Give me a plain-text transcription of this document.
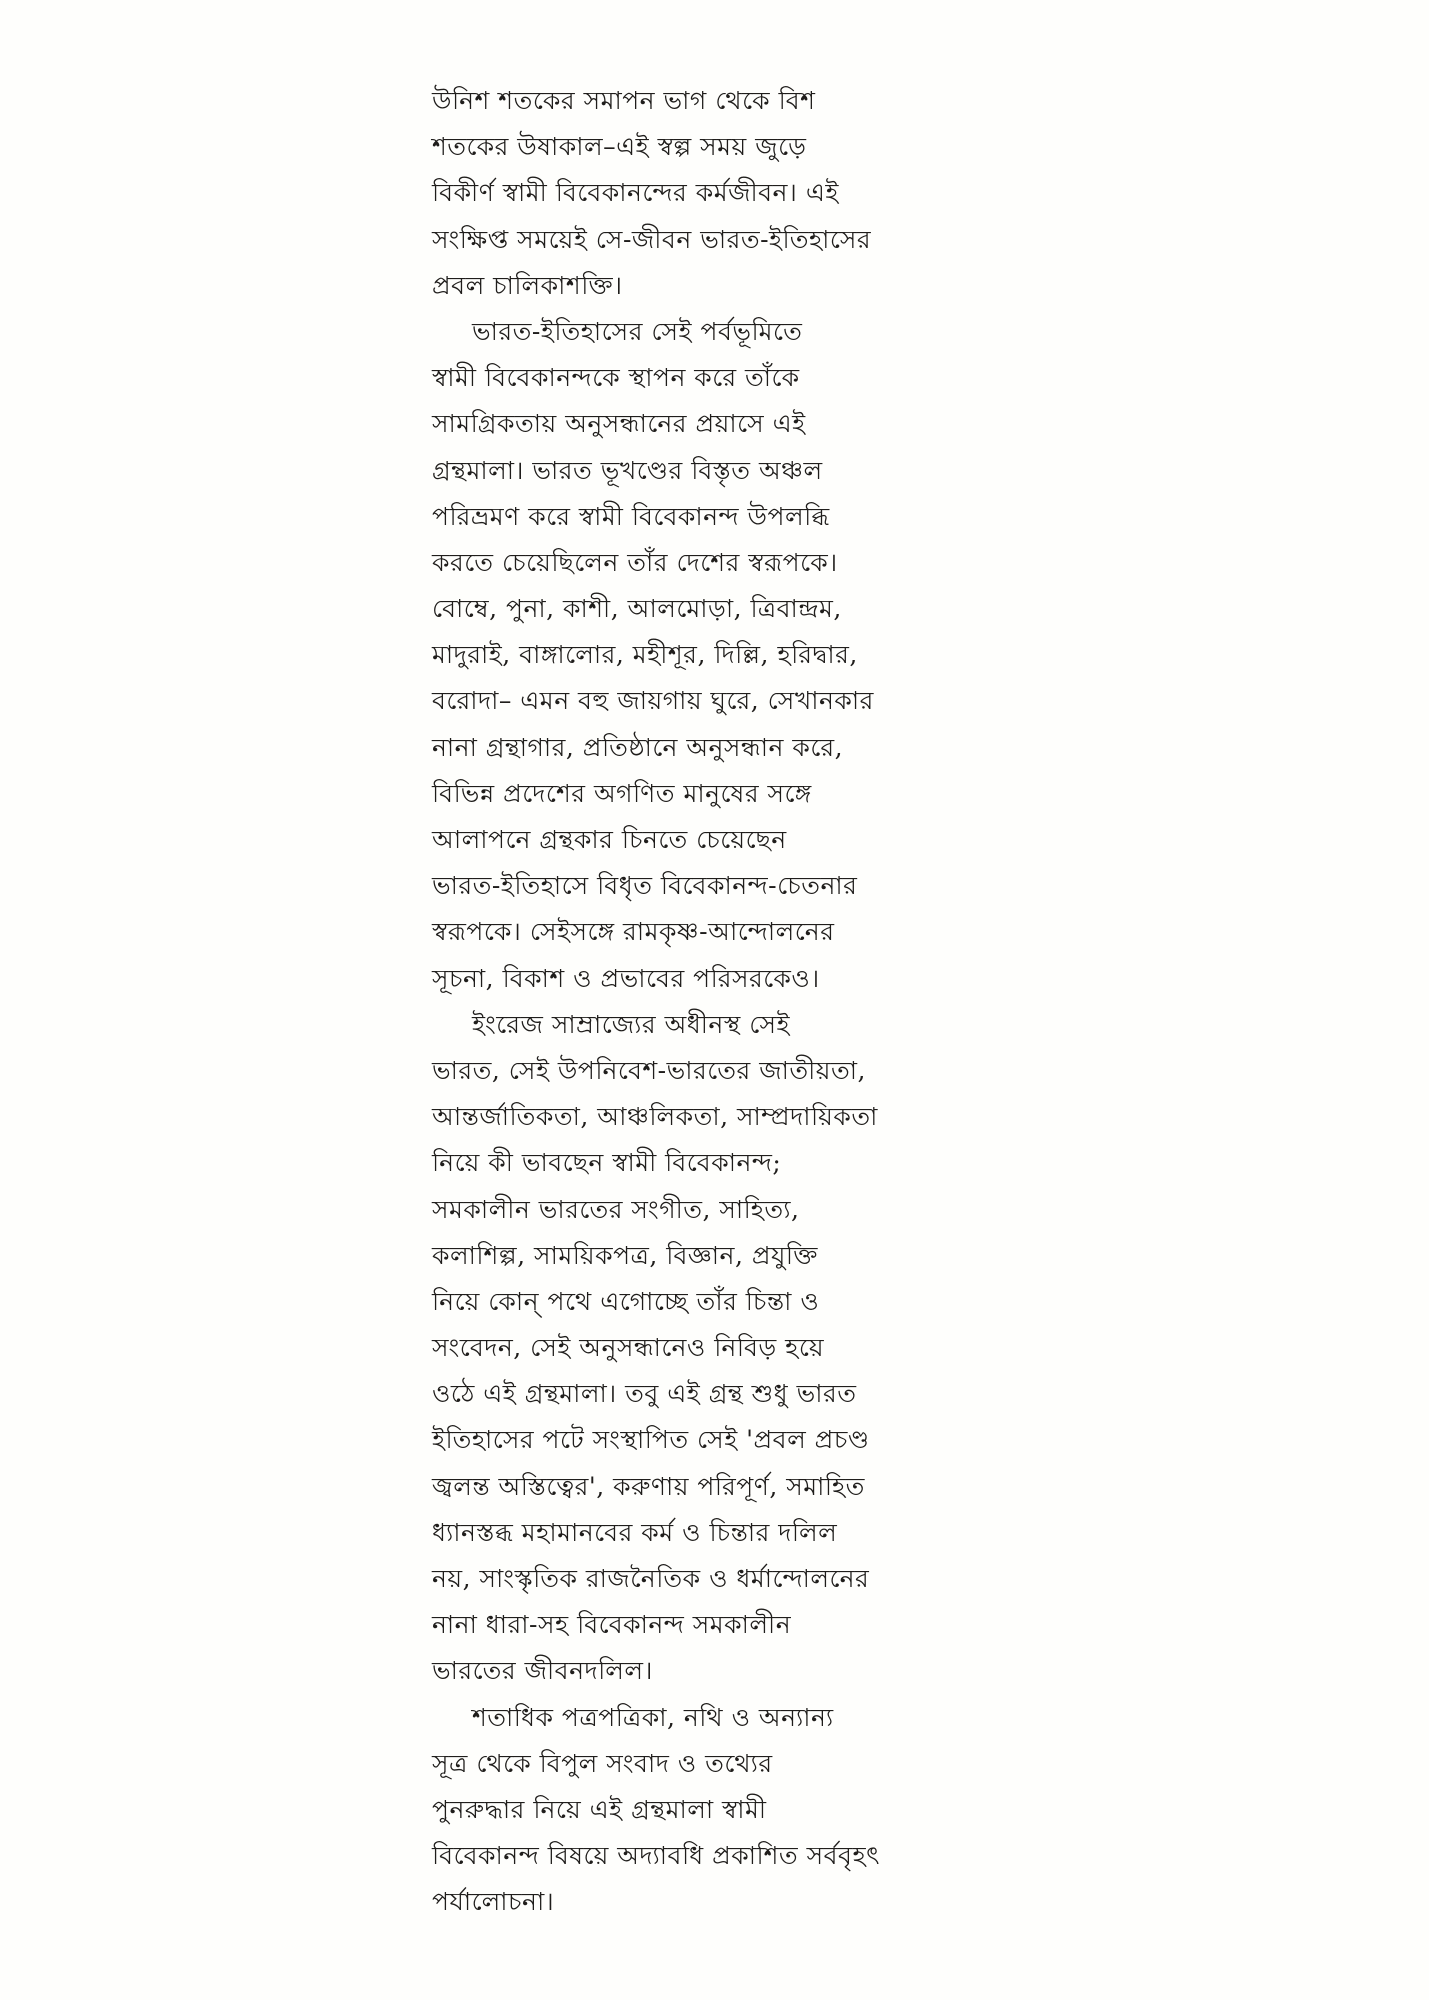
উনিশ শতকের সমাপন ভাগ থেকে বিশ
শতকের উষাকাল–এই স্বল্প সময় জুড়ে
বিকীর্ণ স্বামী বিবেকানন্দের কর্মজীবন। এই
সংক্ষিপ্ত সময়েই সে-জীবন ভারত-ইতিহাসের
প্রবল চালিকাশক্তি।
ভারত-ইতিহাসের সেই পর্বভূমিতে
স্বামী বিবেকানন্দকে স্থাপন করে তাঁকে
সামগ্রিকতায় অনুসন্ধানের প্রয়াসে এই
গ্রন্থমালা। ভারত ভূখণ্ডের বিস্তৃত অঞ্চল
পরিভ্রমণ করে স্বামী বিবেকানন্দ উপলব্ধি
করতে চেয়েছিলেন তাঁর দেশের স্বরূপকে।
বোম্বে, পুনা, কাশী, আলমোড়া, ত্রিবান্দ্রম,
মাদুরাই, বাঙ্গালোর, মহীশূর, দিল্লি, হরিদ্বার,
বরোদা– এমন বহু জায়গায় ঘুরে, সেখানকার
নানা গ্রন্থাগার, প্রতিষ্ঠানে অনুসন্ধান করে,
বিভিন্ন প্রদেশের অগণিত মানুষের সঙ্গে
আলাপনে গ্রন্থকার চিনতে চেয়েছেন
ভারত-ইতিহাসে বিধৃত বিবেকানন্দ-চেতনার
স্বরূপকে। সেইসঙ্গে রামকৃষ্ণ-আন্দোলনের
সূচনা, বিকাশ ও প্রভাবের পরিসরকেও।
ইংরেজ সাম্রাজ্যের অধীনস্থ সেই
ভারত, সেই উপনিবেশ-ভারতের জাতীয়তা,
আন্তর্জাতিকতা, আঞ্চলিকতা, সাম্প্রদায়িকতা
নিয়ে কী ভাবছেন স্বামী বিবেকানন্দ;
সমকালীন ভারতের সংগীত, সাহিত্য,
কলাশিল্প, সাময়িকপত্র, বিজ্ঞান, প্রযুক্তি
নিয়ে কোন্ পথে এগোচ্ছে তাঁর চিন্তা ও
সংবেদন, সেই অনুসন্ধানেও নিবিড় হয়ে
ওঠে এই গ্রন্থমালা। তবু এই গ্রন্থ শুধু ভারত
ইতিহাসের পটে সংস্থাপিত সেই 'প্রবল প্রচণ্ড
জ্বলন্ত অস্তিত্বের', করুণায় পরিপূর্ণ, সমাহিত
ধ্যানস্তব্ধ মহামানবের কর্ম ও চিন্তার দলিল
নয়, সাংস্কৃতিক রাজনৈতিক ও ধর্মান্দোলনের
নানা ধারা-সহ বিবেকানন্দ সমকালীন
ভারতের জীবনদলিল।
শতাধিক পত্রপত্রিকা, নথি ও অন্যান্য
সূত্র থেকে বিপুল সংবাদ ও তথ্যের
পুনরুদ্ধার নিয়ে এই গ্রন্থমালা স্বামী
বিবেকানন্দ বিষয়ে অদ্যাবধি প্রকাশিত সর্ববৃহৎ
পর্যালোচনা।
